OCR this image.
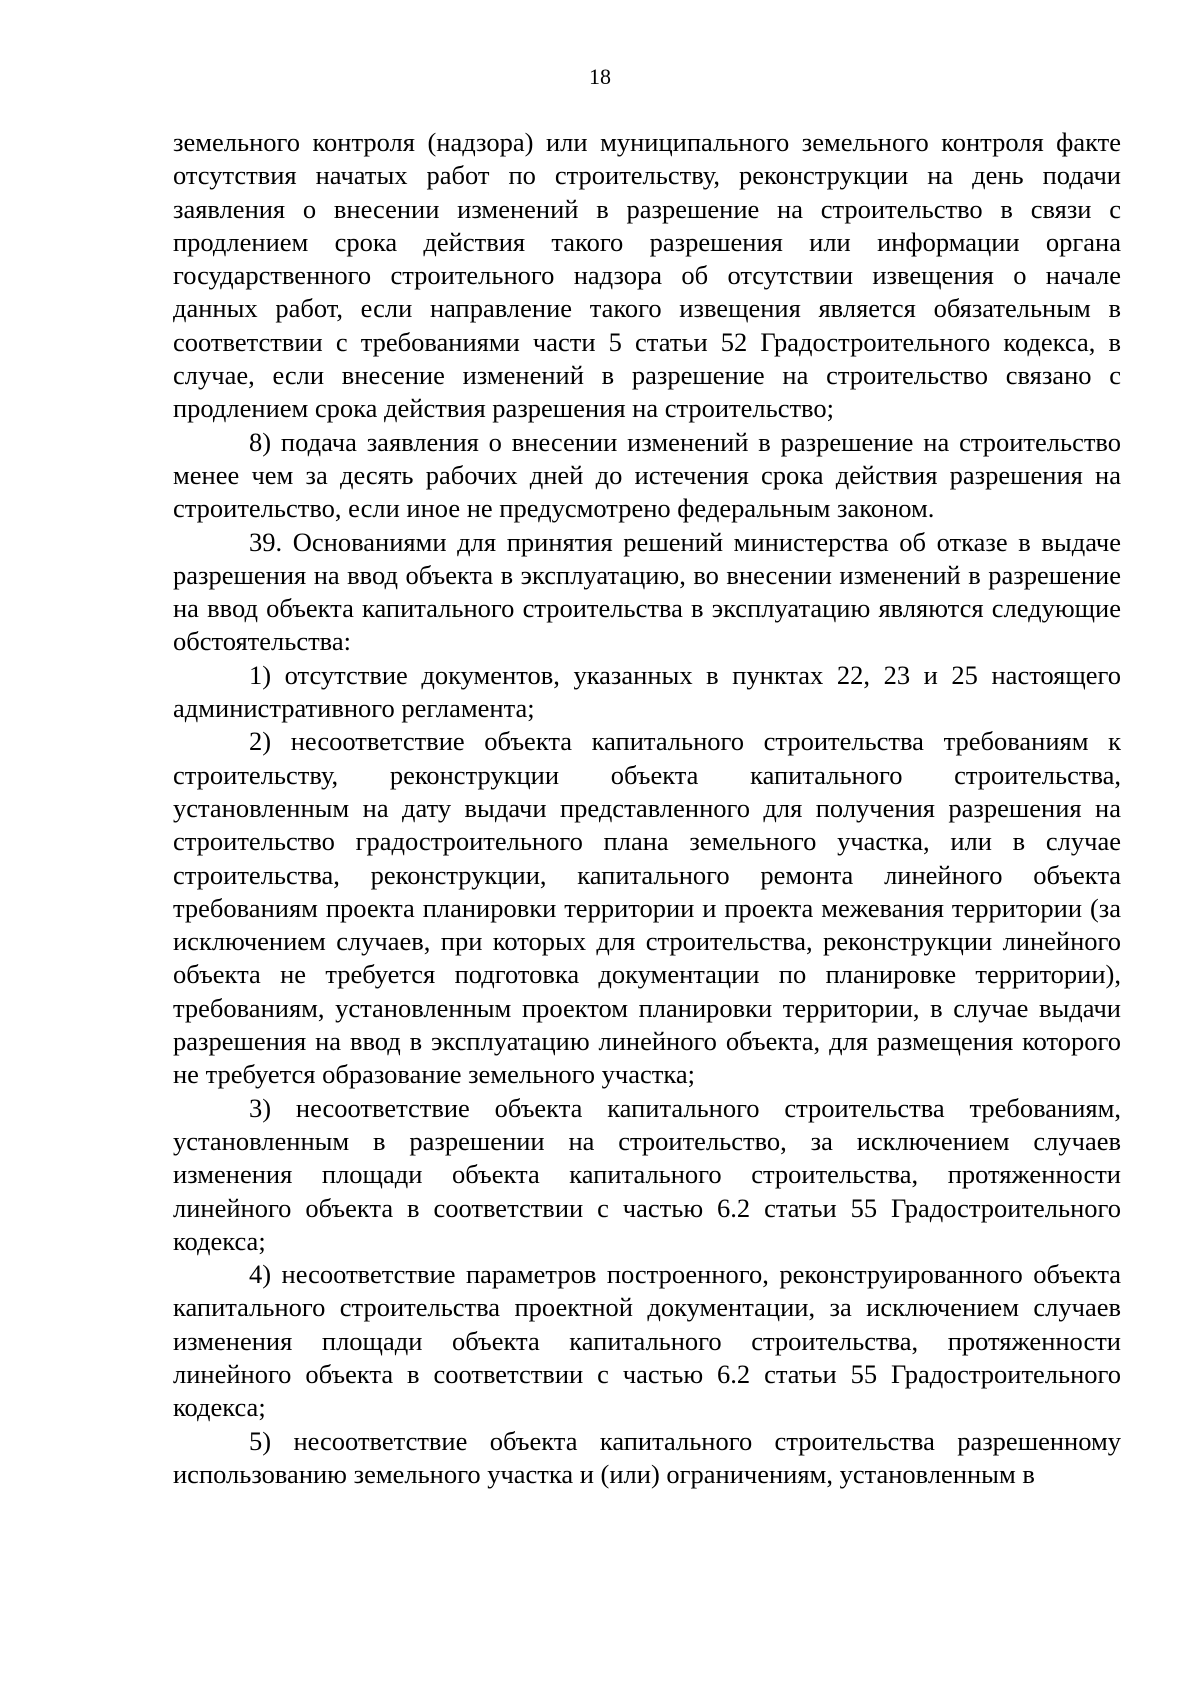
18

земельного контроля (надзора) или муниципального земельного контроля факте отсутствия начатых работ по строительству, реконструкции на день подачи заявления о внесении изменений в разрешение на строительство в связи с продлением срока действия такого разрешения или информации органа государственного строительного надзора об отсутствии извещения о начале данных работ, если направление такого извещения является обязательным в соответствии с требованиями части 5 статьи 52 Градостроительного кодекса, в случае, если внесение изменений в разрешение на строительство связано с продлением срока действия разрешения на строительство;

8) подача заявления о внесении изменений в разрешение на строительство менее чем за десять рабочих дней до истечения срока действия разрешения на строительство, если иное не предусмотрено федеральным законом.

39. Основаниями для принятия решений министерства об отказе в выдаче разрешения на ввод объекта в эксплуатацию, во внесении изменений в разрешение на ввод объекта капитального строительства в эксплуатацию являются следующие обстоятельства:

1) отсутствие документов, указанных в пунктах 22, 23 и 25 настоящего административного регламента;

2) несоответствие объекта капитального строительства требованиям к строительству, реконструкции объекта капитального строительства, установленным на дату выдачи представленного для получения разрешения на строительство градостроительного плана земельного участка, или в случае строительства, реконструкции, капитального ремонта линейного объекта требованиям проекта планировки территории и проекта межевания территории (за исключением случаев, при которых для строительства, реконструкции линейного объекта не требуется подготовка документации по планировке территории), требованиям, установленным проектом планировки территории, в случае выдачи разрешения на ввод в эксплуатацию линейного объекта, для размещения которого не требуется образование земельного участка;

3) несоответствие объекта капитального строительства требованиям, установленным в разрешении на строительство, за исключением случаев изменения площади объекта капитального строительства, протяженности линейного объекта в соответствии с частью 6.2 статьи 55 Градостроительного кодекса;

4) несоответствие параметров построенного, реконструированного объекта капитального строительства проектной документации, за исключением случаев изменения площади объекта капитального строительства, протяженности линейного объекта в соответствии с частью 6.2 статьи 55 Градостроительного кодекса;

5) несоответствие объекта капитального строительства разрешенному использованию земельного участка и (или) ограничениям, установленным в
